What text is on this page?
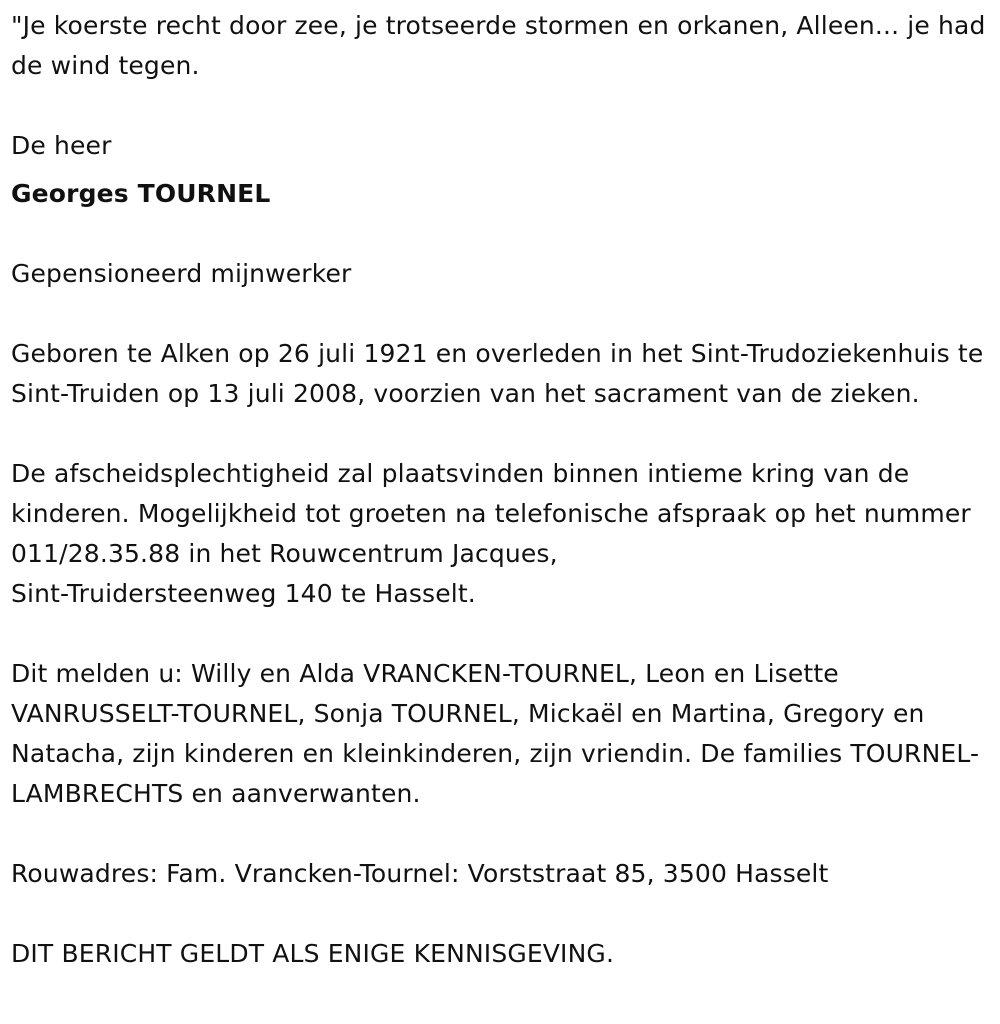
"Je koerste recht door zee, je trotseerde stormen en orkanen, Alleen... je had de wind tegen.

De heer

Georges TOURNEL

Gepensioneerd mijnwerker

Geboren te Alken op 26 juli 1921 en overleden in het Sint-Trudoziekenhuis te Sint-Truiden op 13 juli 2008, voorzien van het sacrament van de zieken.

De afscheidsplechtigheid zal plaatsvinden binnen intieme kring van de kinderen. Mogelijkheid tot groeten na telefonische afspraak op het nummer 011/28.35.88 in het Rouwcentrum Jacques,

Sint-Truidersteenweg 140 te Hasselt.

Dit melden u: Willy en Alda VRANCKEN-TOURNEL, Leon en Lisette VANRUSSELT-TOURNEL, Sonja TOURNEL, Mickaël en Martina, Gregory en Natacha, zijn kinderen en kleinkinderen, zijn vriendin. De families TOURNEL-LAMBRECHTS en aanverwanten.

Rouwadres: Fam. Vrancken-Tournel: Vorststraat 85, 3500 Hasselt

DIT BERICHT GELDT ALS ENIGE KENNISGEVING.
